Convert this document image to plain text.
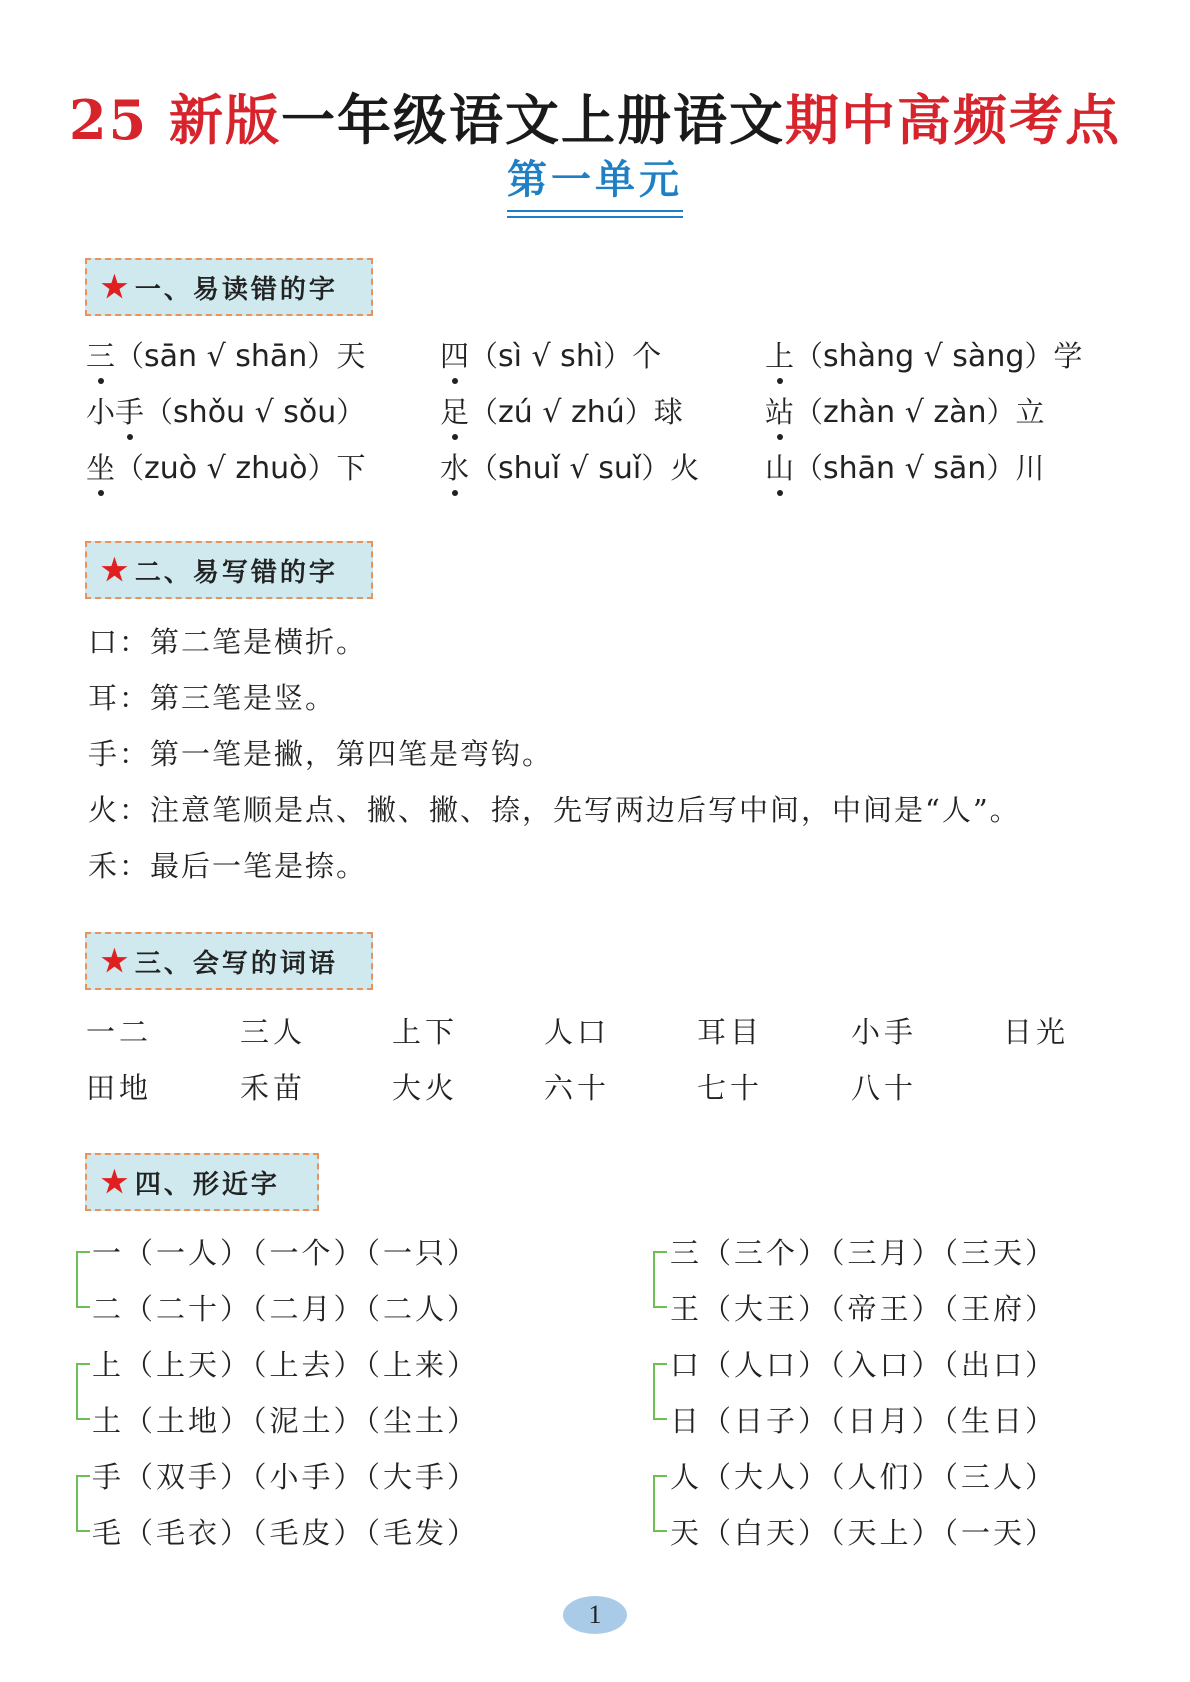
25 新版一年级语文上册语文期中高频考点
第一单元
★ 一、易读错的字
三（sān √ shān）天	四（sì √ shì）个	上（shàng √ sàng）学
小手（shǒu √ sǒu）	足（zú √ zhú）球	站（zhàn √ zàn）立
坐（zuò √ zhuò）下	水（shuǐ √ suǐ）火 山（shān √ sān）川
★ 二、易写错的字
口：第二笔是横折。
耳：第三笔是竖。
手：第一笔是撇，第四笔是弯钩。
火：注意笔顺是点、撇、撇、捺，先写两边后写中间，中间是“人”。
禾：最后一笔是捺。
★ 三、会写的词语
一二	三人	上下	人口	耳目	小手	日光
田地	禾苗	大火	六十	七十	八十
★ 四、形近字
一（一人）（一个）（一只）
二（二十）（二月）（二人）
上（上天）（上去）（上来）
土（土地）（泥土）（尘土）
手（双手）（小手）（大手）
毛（毛衣）（毛皮）（毛发）
三（三个）（三月）（三天）
王（大王）（帝王）（王府）
口（人口）（入口）（出口）
日（日子）（日月）（生日）
人（大人）（人们）（三人）
天（白天）（天上）（一天）
1
